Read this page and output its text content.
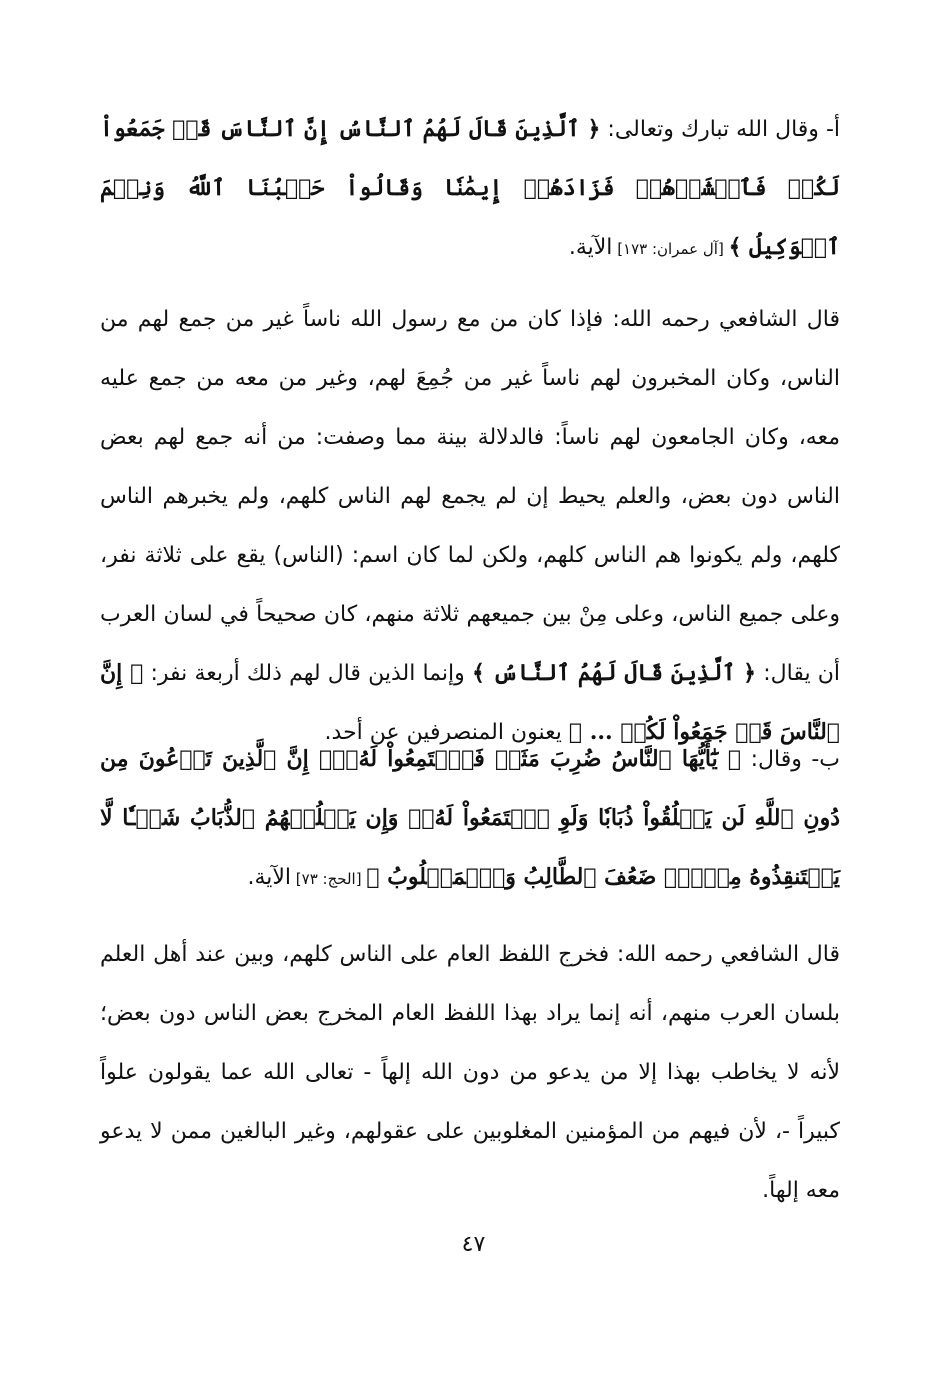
أ- وقال الله تبارك وتعالى: ﴿ ٱلَّذِينَ قَالَ لَهُمُ ٱلنَّاسُ إِنَّ ٱلنَّاسَ قَدۡ جَمَعُواْ لَكُمۡ فَٱخۡشَوۡهُمۡ فَزَادَهُمۡ إِيمَٰنٗا وَقَالُواْ حَسۡبُنَا ٱللَّهُ وَنِعۡمَ ٱلۡوَكِيلُ ﴾ [آل عمران: ١٧٣] الآية.
قال الشافعي رحمه الله: فإذا كان من مع رسول الله ناساً غير من جمع لهم من الناس، وكان المخبرون لهم ناساً غير من جُمِعَ لهم، وغير من معه من جمع عليه معه، وكان الجامعون لهم ناساً: فالدلالة بينة مما وصفت: من أنه جمع لهم بعض الناس دون بعض، والعلم يحيط إن لم يجمع لهم الناس كلهم، ولم يخبرهم الناس كلهم، ولم يكونوا هم الناس كلهم، ولكن لما كان اسم: (الناس) يقع على ثلاثة نفر، وعلى جميع الناس، وعلى مِنْ بين جميعهم ثلاثة منهم، كان صحيحاً في لسان العرب أن يقال: ﴿ ٱلَّذِينَ قَالَ لَهُمُ ٱلنَّاسُ ﴾ وإنما الذين قال لهم ذلك أربعة نفر: ﴿ إِنَّ ٱلنَّاسَ قَدۡ جَمَعُواْ لَكُمۡ ... ﴾ يعنون المنصرفين عن أحد.
ب- وقال: ﴿ يَٰٓأَيُّهَا ٱلنَّاسُ ضُرِبَ مَثَلٞ فَٱسۡتَمِعُواْ لَهُۥٓۚ إِنَّ ٱلَّذِينَ تَدۡعُونَ مِن دُونِ ٱللَّهِ لَن يَخۡلُقُواْ ذُبَابٗا وَلَوِ ٱجۡتَمَعُواْ لَهُۥۖ وَإِن يَسۡلُبۡهُمُ ٱلذُّبَابُ شَيۡـٔٗا لَّا يَسۡتَنقِذُوهُ مِنۡهُۚ ضَعُفَ ٱلطَّالِبُ وَٱلۡمَطۡلُوبُ ﴾ [الحج: ٧٣] الآية.
قال الشافعي رحمه الله: فخرج اللفظ العام على الناس كلهم، وبين عند أهل العلم بلسان العرب منهم، أنه إنما يراد بهذا اللفظ العام المخرج بعض الناس دون بعض؛ لأنه لا يخاطب بهذا إلا من يدعو من دون الله إلهاً - تعالى الله عما يقولون علواً كبيراً -، لأن فيهم من المؤمنين المغلوبين على عقولهم، وغير البالغين ممن لا يدعو معه إلهاً.
٤٧
